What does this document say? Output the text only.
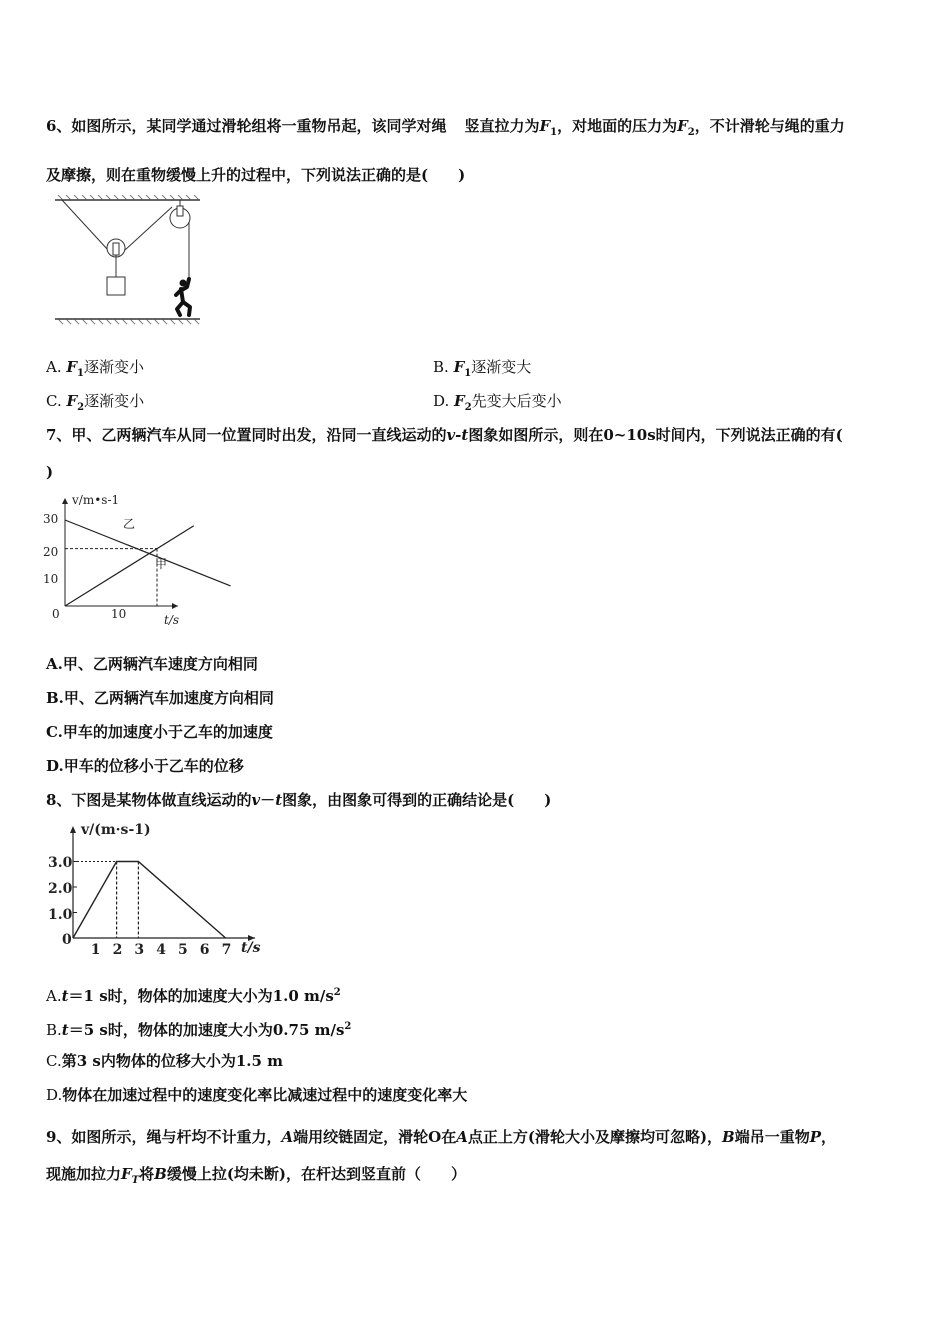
6、如图所示，某同学通过滑轮组将一重物吊起，该同学对绳 竖直拉力为$F_1$，对地面的压力为$F_2$，不计滑轮与绳的重力
及摩擦，则在重物缓慢上升的过程中，下列说法正确的是(　　)
A. $F_1$逐渐变小	B. $F_1$逐渐变大
C. $F_2$逐渐变小	D. $F_2$先变大后变小
7、甲、乙两辆汽车从同一位置同时出发，沿同一直线运动的v-t图象如图所示，则在0~10s时间内，下列说法正确的有(
)
v/m•s-1
t/s
30
20
10
0	10
乙
甲
A.甲、乙两辆汽车速度方向相同
B.甲、乙两辆汽车加速度方向相同
C.甲车的加速度小于乙车的加速度
D.甲车的位移小于乙车的位移
8、下图是某物体做直线运动的v－t图象，由图象可得到的正确结论是(　　)
v/(m·s-1)
t/s
3.0
2.0
1.0
0
1 2 3 4 5 6 7
A.t＝1 s时，物体的加速度大小为1.0 $m/s^2$
B.t＝5 s时，物体的加速度大小为0.75 $m/s^2$
C.第3 s内物体的位移大小为1.5 m
D.物体在加速过程中的速度变化率比减速过程中的速度变化率大
9、如图所示，绳与杆均不计重力，A端用绞链固定，滑轮O在A点正上方(滑轮大小及摩擦均可忽略)，B端吊一重物P，
现施加拉力$F_T$将B缓慢上拉(均未断)，在杆达到竖直前（　　）
